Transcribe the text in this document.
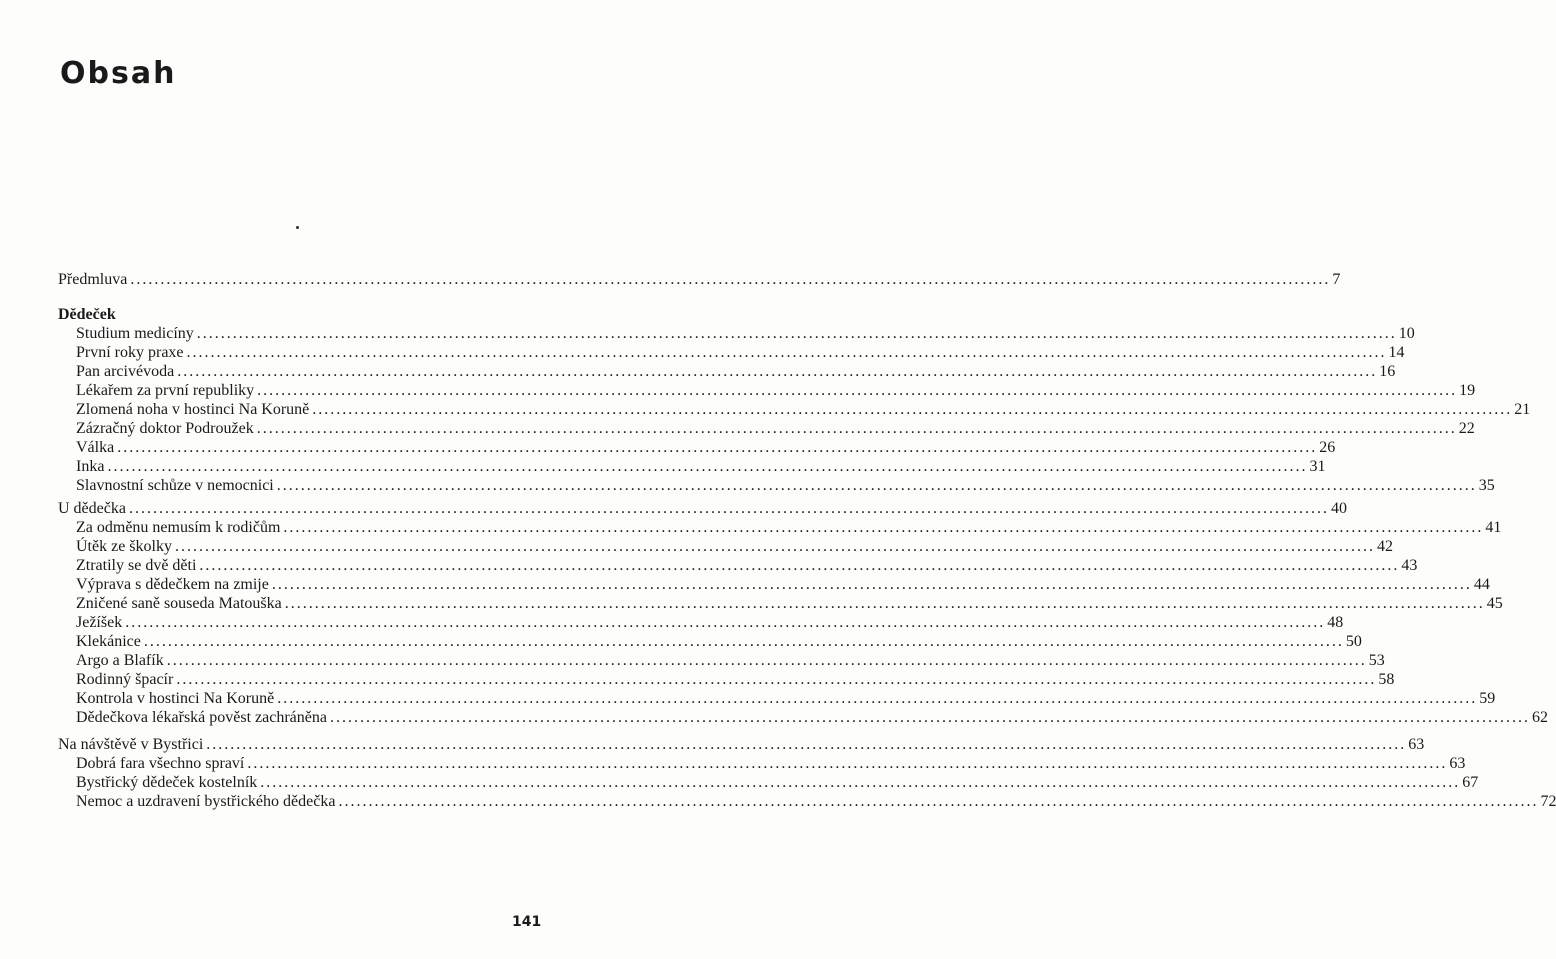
Obsah
Předmluva ........................................................................................................................................................................................................ 7
Dědeček
Studium medicíny ........................................................................................................................................................................................................ 10
První roky praxe ........................................................................................................................................................................................................ 14
Pan arcivévoda ........................................................................................................................................................................................................ 16
Lékařem za první republiky ........................................................................................................................................................................................................ 19
Zlomená noha v hostinci Na Koruně ........................................................................................................................................................................................................ 21
Zázračný doktor Podroužek ........................................................................................................................................................................................................ 22
Válka ........................................................................................................................................................................................................ 26
Inka ........................................................................................................................................................................................................ 31
Slavnostní schůze v nemocnici ........................................................................................................................................................................................................ 35
U dědečka ........................................................................................................................................................................................................ 40
Za odměnu nemusím k rodičům ........................................................................................................................................................................................................ 41
Útěk ze školky ........................................................................................................................................................................................................ 42
Ztratily se dvě děti ........................................................................................................................................................................................................ 43
Výprava s dědečkem na zmije ........................................................................................................................................................................................................ 44
Zničené saně souseda Matouška ........................................................................................................................................................................................................ 45
Ježíšek ........................................................................................................................................................................................................ 48
Klekánice ........................................................................................................................................................................................................ 50
Argo a Blafík ........................................................................................................................................................................................................ 53
Rodinný špacír ........................................................................................................................................................................................................ 58
Kontrola v hostinci Na Koruně ........................................................................................................................................................................................................ 59
Dědečkova lékařská pověst zachráněna ........................................................................................................................................................................................................ 62
Na návštěvě v Bystřici ........................................................................................................................................................................................................ 63
Dobrá fara všechno spraví ........................................................................................................................................................................................................ 63
Bystřický dědeček kostelník ........................................................................................................................................................................................................ 67
Nemoc a uzdravení bystřického dědečka ........................................................................................................................................................................................................ 72
141
